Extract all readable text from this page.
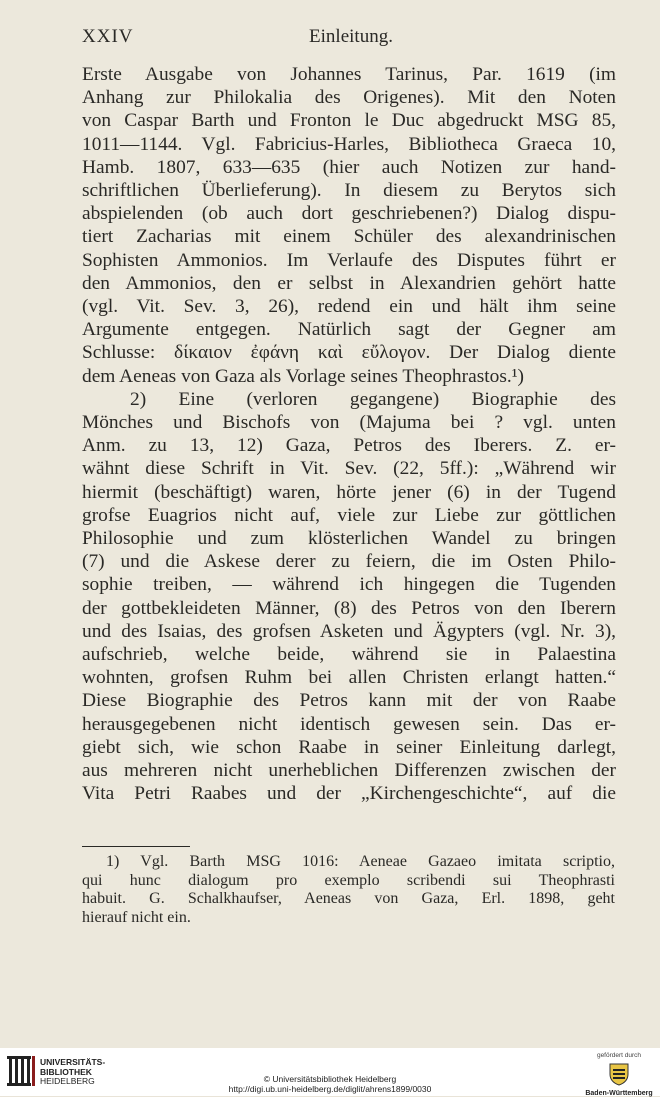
XXIV	Einleitung.
Erste Ausgabe von Johannes Tarinus, Par. 1619 (im
Anhang zur Philokalia des Origenes). Mit den Noten
von Caspar Barth und Fronton le Duc abgedruckt MSG 85,
1011—1144. Vgl. Fabricius-Harles, Bibliotheca Graeca 10,
Hamb. 1807, 633—635 (hier auch Notizen zur hand-
schriftlichen Überlieferung). In diesem zu Berytos sich
abspielenden (ob auch dort geschriebenen?) Dialog dispu-
tiert Zacharias mit einem Schüler des alexandrinischen
Sophisten Ammonios. Im Verlaufe des Disputes führt er
den Ammonios, den er selbst in Alexandrien gehört hatte
(vgl. Vit. Sev. 3, 26), redend ein und hält ihm seine
Argumente entgegen. Natürlich sagt der Gegner am
Schlusse: δίκαιον ἐφάνη καὶ εὔλογον. Der Dialog diente
dem Aeneas von Gaza als Vorlage seines Theophrastos.¹)
2) Eine (verloren gegangene) Biographie des
Mönches und Bischofs von (Majuma bei ? vgl. unten
Anm. zu 13, 12) Gaza, Petros des Iberers. Z. er-
wähnt diese Schrift in Vit. Sev. (22, 5ff.): „Während wir
hiermit (beschäftigt) waren, hörte jener (6) in der Tugend
grofse Euagrios nicht auf, viele zur Liebe zur göttlichen
Philosophie und zum klösterlichen Wandel zu bringen
(7) und die Askese derer zu feiern, die im Osten Philo-
sophie treiben, — während ich hingegen die Tugenden
der gottbekleideten Männer, (8) des Petros von den Iberern
und des Isaias, des grofsen Asketen und Ägypters (vgl. Nr. 3),
aufschrieb, welche beide, während sie in Palaestina
wohnten, grofsen Ruhm bei allen Christen erlangt hatten.“
Diese Biographie des Petros kann mit der von Raabe
herausgegebenen nicht identisch gewesen sein. Das er-
giebt sich, wie schon Raabe in seiner Einleitung darlegt,
aus mehreren nicht unerheblichen Differenzen zwischen der
Vita Petri Raabes und der „Kirchengeschichte“, auf die
1) Vgl. Barth MSG 1016: Aeneae Gazaeo imitata scriptio,
qui hunc dialogum pro exemplo scribendi sui Theophrasti
habuit. G. Schalkhaufser, Aeneas von Gaza, Erl. 1898, geht
hierauf nicht ein.
UNIVERSITÄTS-
BIBLIOTHEK
HEIDELBERG	© Universitätsbibliothek Heidelberg
http://digi.ub.uni-heidelberg.de/diglit/ahrens1899/0030
gefördert durch
Baden-Württemberg
